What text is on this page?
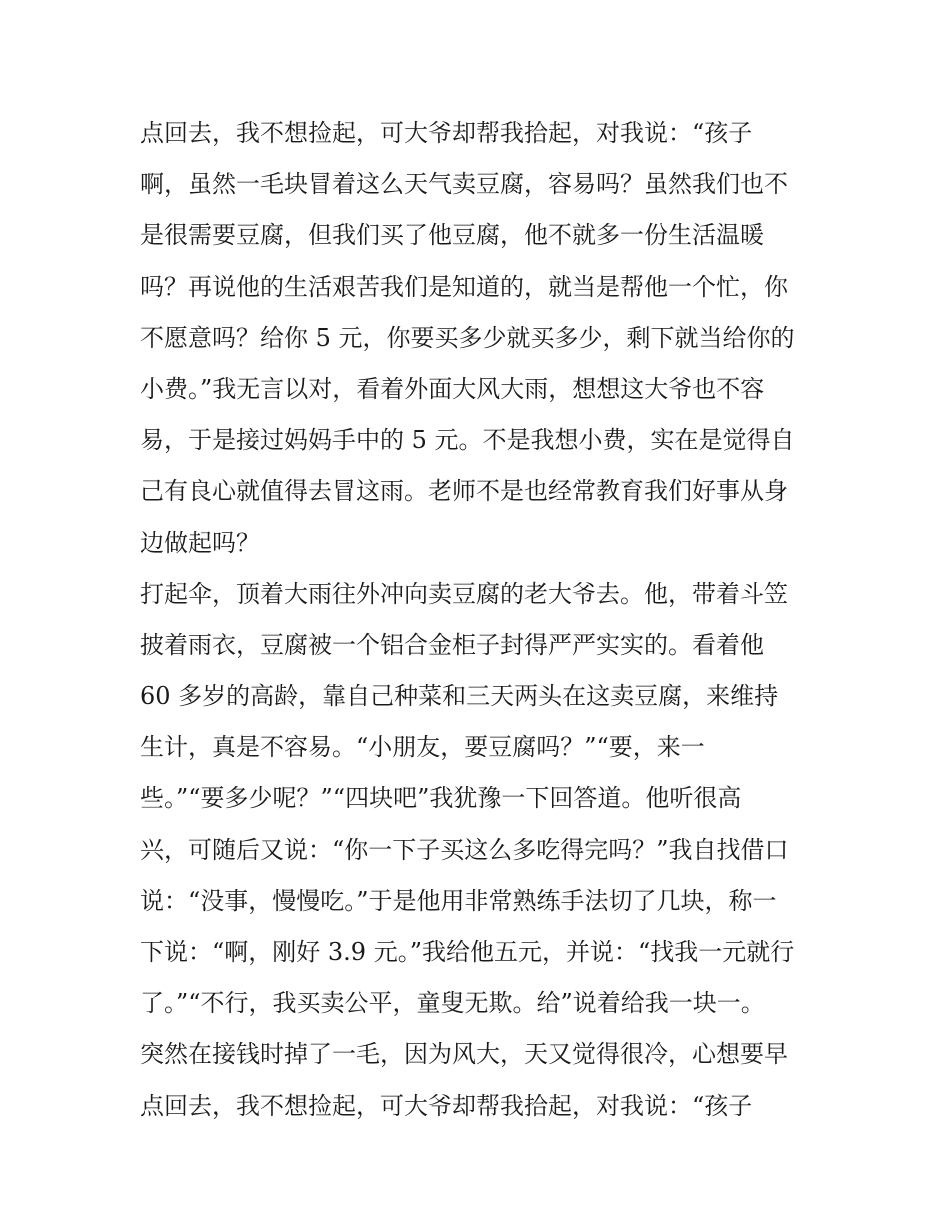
点回去，我不想捡起，可大爷却帮我拾起，对我说：“孩子
啊，虽然一毛块冒着这么天气卖豆腐，容易吗？虽然我们也不
是很需要豆腐，但我们买了他豆腐，他不就多一份生活温暖
吗？再说他的生活艰苦我们是知道的，就当是帮他一个忙，你
不愿意吗？给你 5 元，你要买多少就买多少，剩下就当给你的
小费。”我无言以对，看着外面大风大雨，想想这大爷也不容
易，于是接过妈妈手中的 5 元。不是我想小费，实在是觉得自
己有良心就值得去冒这雨。老师不是也经常教育我们好事从身
边做起吗？
打起伞，顶着大雨往外冲向卖豆腐的老大爷去。他，带着斗笠
披着雨衣，豆腐被一个铝合金柜子封得严严实实的。看着他
60 多岁的高龄，靠自己种菜和三天两头在这卖豆腐，来维持
生计，真是不容易。“小朋友，要豆腐吗？”“要，来一
些。”“要多少呢？”“四块吧”我犹豫一下回答道。他听很高
兴，可随后又说：“你一下子买这么多吃得完吗？”我自找借口
说：“没事，慢慢吃。”于是他用非常熟练手法切了几块，称一
下说：“啊，刚好 3.9 元。”我给他五元，并说：“找我一元就行
了。”“不行，我买卖公平，童叟无欺。给”说着给我一块一。
突然在接钱时掉了一毛，因为风大，天又觉得很冷，心想要早
点回去，我不想捡起，可大爷却帮我拾起，对我说：“孩子
